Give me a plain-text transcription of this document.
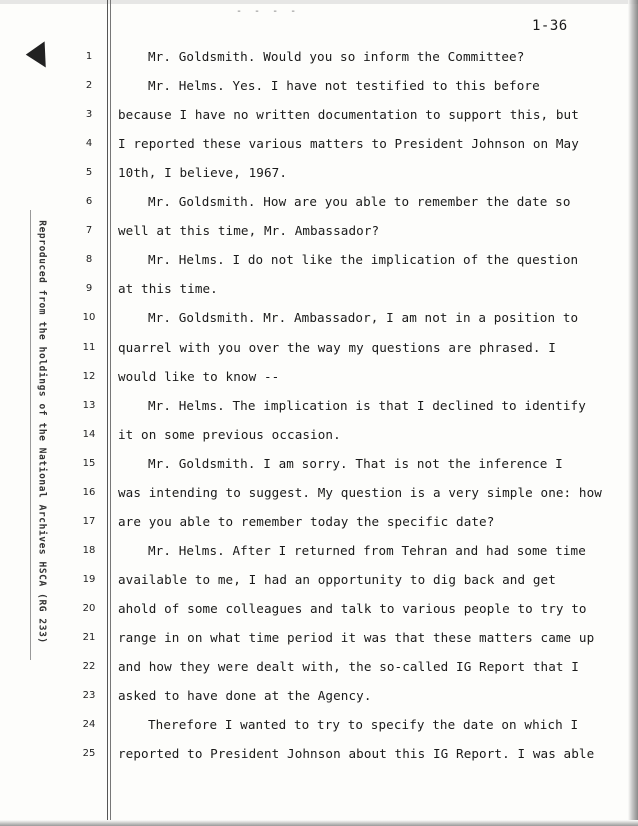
- - - -
Reproduced from the holdings of the National Archives HSCA (RG 233)
1-36
1
2
3
4
5
6
7
8
9
10
11
12
13
14
15
16
17
18
19
20
21
22
23
24
25
Mr. Goldsmith. Would you so inform the Committee?
Mr. Helms. Yes. I have not testified to this before
because I have no written documentation to support this, but
I reported these various matters to President Johnson on May
10th, I believe, 1967.
Mr. Goldsmith. How are you able to remember the date so
well at this time, Mr. Ambassador?
Mr. Helms. I do not like the implication of the question
at this time.
Mr. Goldsmith. Mr. Ambassador, I am not in a position to
quarrel with you over the way my questions are phrased. I
would like to know --
Mr. Helms. The implication is that I declined to identify
it on some previous occasion.
Mr. Goldsmith. I am sorry. That is not the inference I
was intending to suggest. My question is a very simple one: how
are you able to remember today the specific date?
Mr. Helms. After I returned from Tehran and had some time
available to me, I had an opportunity to dig back and get
ahold of some colleagues and talk to various people to try to
range in on what time period it was that these matters came up
and how they were dealt with, the so-called IG Report that I
asked to have done at the Agency.
Therefore I wanted to try to specify the date on which I
reported to President Johnson about this IG Report. I was able
